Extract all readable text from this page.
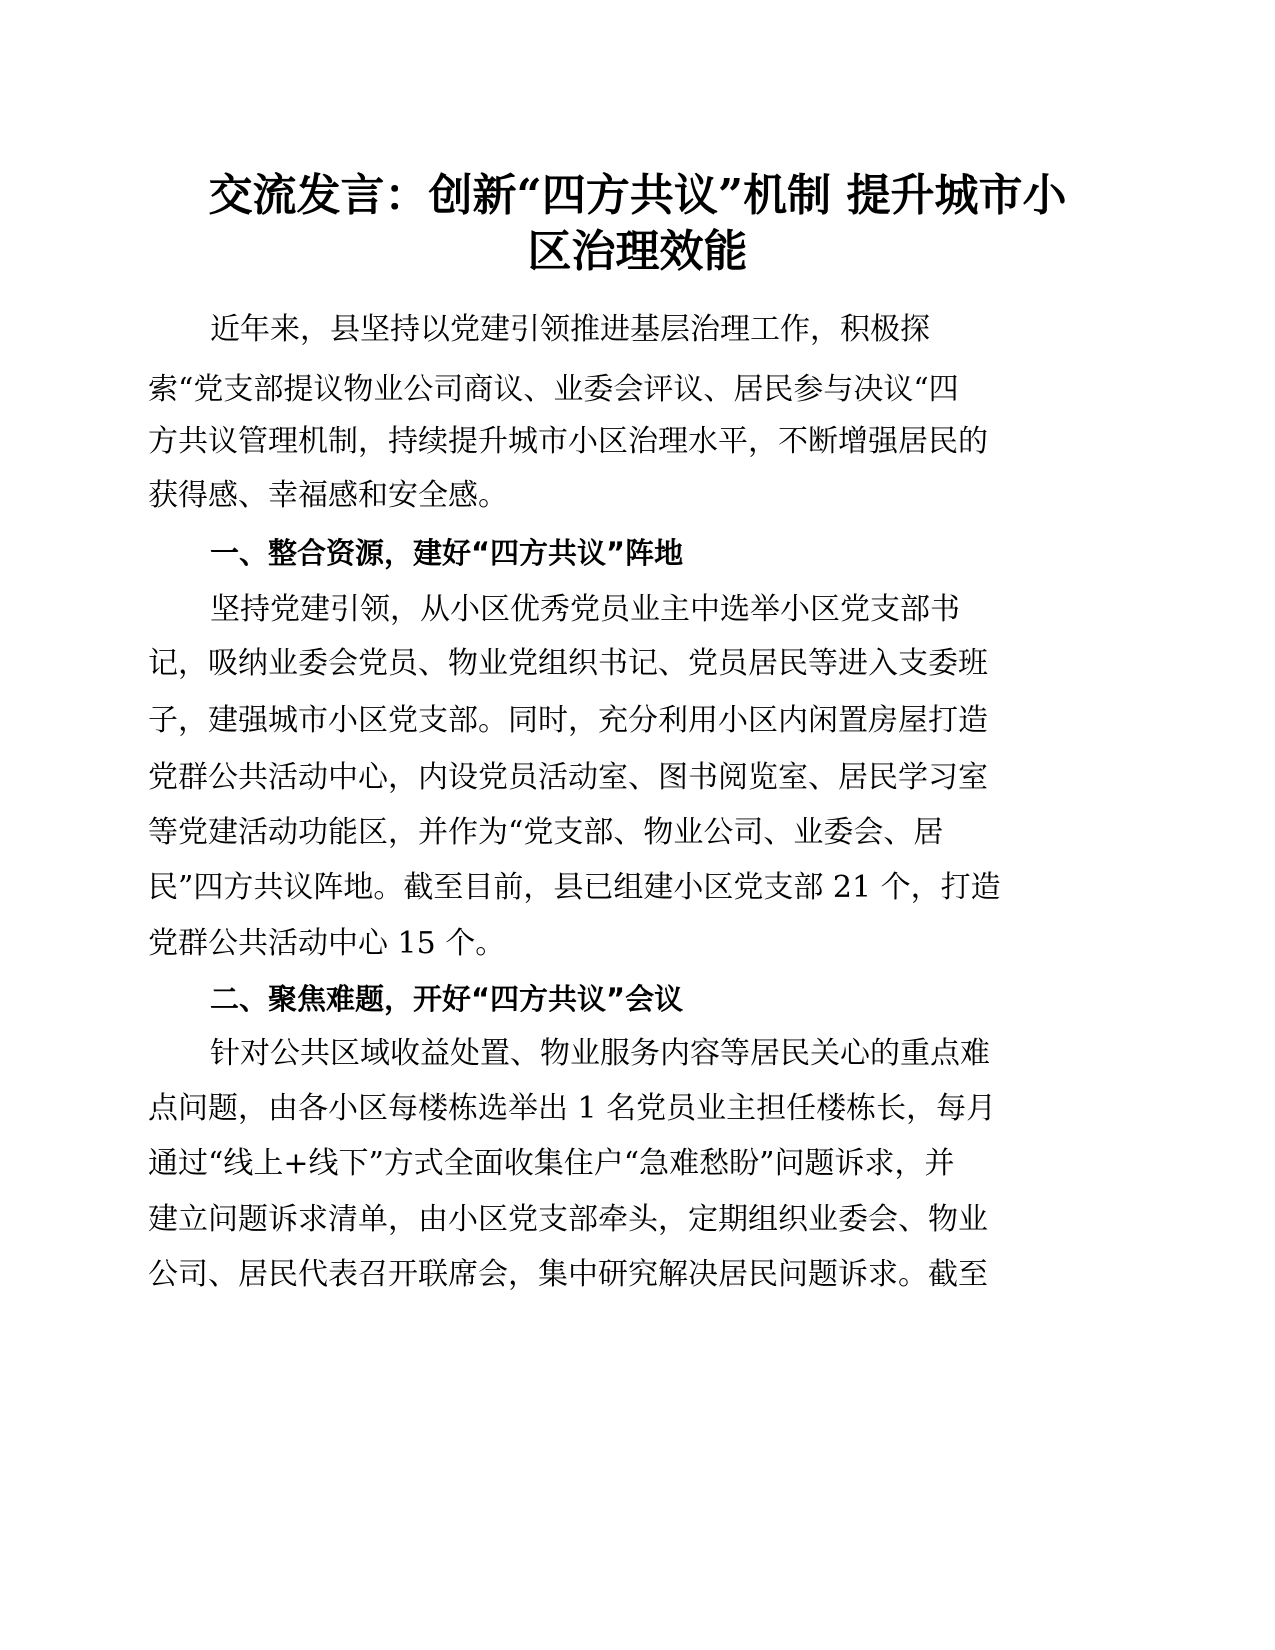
交流发言：创新“四方共议”机制 提升城市小
区治理效能

近年来，县坚持以党建引领推进基层治理工作，积极探

索“党支部提议物业公司商议、业委会评议、居民参与决议“四

方共议管理机制，持续提升城市小区治理水平，不断增强居民的

获得感、幸福感和安全感。

一、整合资源，建好“四方共议”阵地

坚持党建引领，从小区优秀党员业主中选举小区党支部书

记，吸纳业委会党员、物业党组织书记、党员居民等进入支委班

子，建强城市小区党支部。同时，充分利用小区内闲置房屋打造

党群公共活动中心，内设党员活动室、图书阅览室、居民学习室

等党建活动功能区，并作为“党支部、物业公司、业委会、居

民”四方共议阵地。截至目前，县已组建小区党支部 21 个，打造

党群公共活动中心 15 个。

二、聚焦难题，开好“四方共议”会议

针对公共区域收益处置、物业服务内容等居民关心的重点难

点问题，由各小区每楼栋选举出 1 名党员业主担任楼栋长，每月

通过“线上+线下”方式全面收集住户“急难愁盼”问题诉求，并

建立问题诉求清单，由小区党支部牵头，定期组织业委会、物业

公司、居民代表召开联席会，集中研究解决居民问题诉求。截至
